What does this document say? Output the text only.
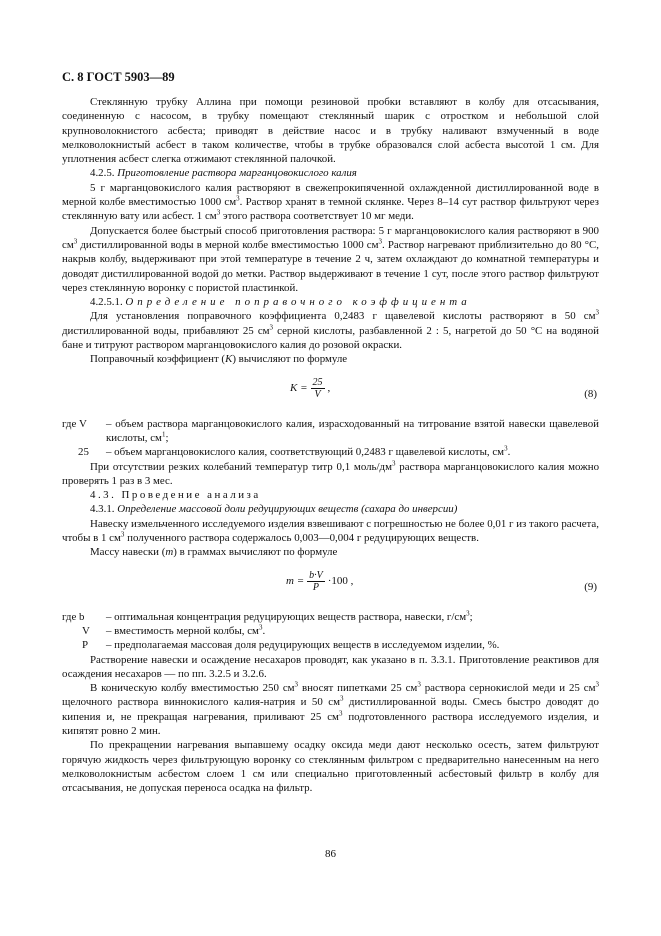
С. 8 ГОСТ 5903—89

Стеклянную трубку Аллина при помощи резиновой пробки вставляют в колбу для отсасывания, соединенную с насосом, в трубку помещают стеклянный шарик с отростком и небольшой слой крупноволокнистого асбеста; приводят в действие насос и в трубку наливают взмученный в воде мелковолокнистый асбест в таком количестве, чтобы в трубке образовался слой асбеста высотой 1 см. Для уплотнения асбест слегка отжимают стеклянной палочкой.

4.2.5. Приготовление раствора марганцовокислого калия

5 г марганцовокислого калия растворяют в свежепрокипяченной охлажденной дистиллированной воде в мерной колбе вместимостью 1000 $см^3$. Раствор хранят в темной склянке. Через 8–14 сут раствор фильтруют через стеклянную вату или асбест. 1 $см^3$ этого раствора соответствует 10 мг меди.

Допускается более быстрый способ приготовления раствора: 5 г марганцовокислого калия растворяют в 900 $см^3$ дистиллированной воды в мерной колбе вместимостью 1000 $см^3$. Раствор нагревают приблизительно до 80 °С, накрыв колбу, выдерживают при этой температуре в течение 2 ч, затем охлаждают до комнатной температуры и доводят дистиллированной водой до метки. Раствор выдерживают в течение 1 сут, после этого раствор фильтруют через стеклянную воронку с пористой пластинкой.

4.2.5.1. Определение поправочного коэффициента

Для установления поправочного коэффициента 0,2483 г щавелевой кислоты растворяют в 50 $см^3$ дистиллированной воды, прибавляют 25 $см^3$ серной кислоты, разбавленной 2 : 5, нагретой до 50 °С на водяной бане и титруют раствором марганцовокислого калия до розовой окраски.

Поправочный коэффициент (K) вычисляют по формуле

$K = \frac{25}{V}$ ,	(8)
где V	– объем раствора марганцовокислого калия, израсходованный на титрование взятой навески щавелевой кислоты, $см^1$;
25	– объем марганцовокислого калия, соответствующий 0,2483 г щавелевой кислоты, $см^3$.

При отсутствии резких колебаний температур титр 0,1 моль/$дм^3$ раствора марганцовокислого калия можно проверять 1 раз в 3 мес.

4.3. Проведение анализа

4.3.1. Определение массовой доли редуцирующих веществ (сахара до инверсии)

Навеску измельченного исследуемого изделия взвешивают с погрешностью не более 0,01 г из такого расчета, чтобы в 1 $см^3$ полученного раствора содержалось 0,003—0,004 г редуцирующих веществ.

Массу навески (m) в граммах вычисляют по формуле

$m = \frac{b\cdot V}{P} \cdot 100$ ,	(9)
где b	– оптимальная концентрация редуцирующих веществ раствора, навески, $г/см^3$;
V	– вместимость мерной колбы, $см^3$.
P	– предполагаемая массовая доля редуцирующих веществ в исследуемом изделии, %.

Растворение навески и осаждение несахаров проводят, как указано в п. 3.3.1. Приготовление реактивов для осаждения несахаров — по пп. 3.2.5 и 3.2.6.

В коническую колбу вместимостью 250 $см^3$ вносят пипетками 25 $см^3$ раствора сернокислой меди и 25 $см^3$ щелочного раствора виннокислого калия-натрия и 50 $см^3$ дистиллированной воды. Смесь быстро доводят до кипения и, не прекращая нагревания, приливают 25 $см^3$ подготовленного раствора исследуемого изделия, и кипятят ровно 2 мин.

По прекращении нагревания выпавшему осадку оксида меди дают несколько осесть, затем фильтруют горячую жидкость через фильтрующую воронку со стеклянным фильтром с предварительно нанесенным на него мелковолокнистым асбестом слоем 1 см или специально приготовленный асбестовый фильтр в колбу для отсасывания, не допуская переноса осадка на фильтр.

86
